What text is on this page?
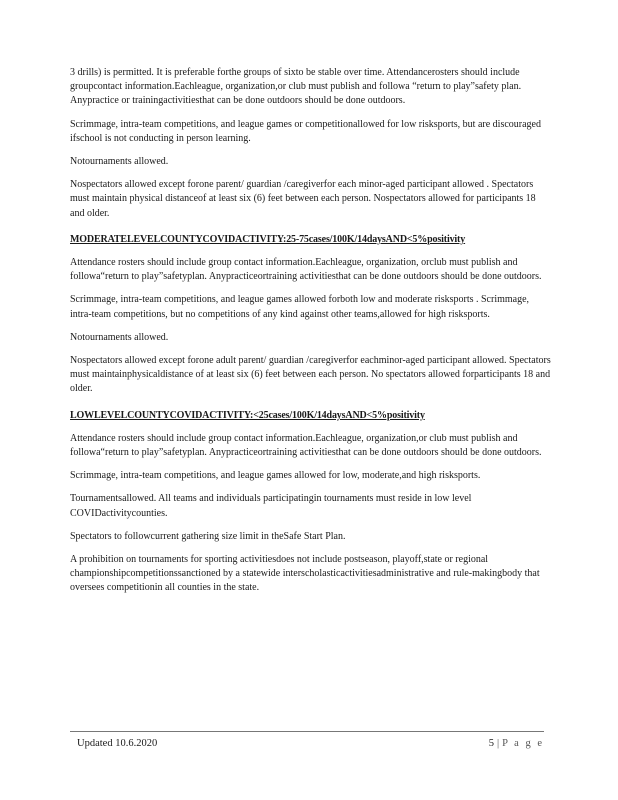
3 drills) is permitted. It is preferable forthe groups of sixto be stable over time. Attendancerosters should include groupcontact information.Eachleague, organization,or club must publish and followa “return to play”safety plan. Anypractice or trainingactivitiesthat can be done outdoors should be done outdoors.

Scrimmage, intra-team competitions, and league games or competitionallowed for low risksports, but are discouraged ifschool is not conducting in person learning.

Notournaments allowed.

Nospectators allowed except forone parent/ guardian /caregiverfor each minor-aged participant allowed . Spectators must maintain physical distanceof at least six (6) feet between each person. Nospectators allowed for participants 18 and older.

MODERATELEVELCOUNTYCOVIDACTIVITY:25-75cases/100K/14daysAND<5%positivity

Attendance rosters should include group contact information.Eachleague, organization, orclub must publish and followa“return to play”safetyplan. Anypracticeortraining activitiesthat can be done outdoors should be done outdoors.

Scrimmage, intra-team competitions, and league games allowed forboth low and moderate risksports . Scrimmage, intra-team competitions, but no competitions of any kind against other teams,allowed for high risksports.

Notournaments allowed.

Nospectators allowed except forone adult parent/ guardian /caregiverfor eachminor-aged participant allowed. Spectators must maintainphysicaldistance of at least six (6) feet between each person. No spectators allowed forparticipants 18 and older.

LOWLEVELCOUNTYCOVIDACTIVITY:<25cases/100K/14daysAND<5%positivity

Attendance rosters should include group contact information.Eachleague, organization,or club must publish and followa“return to play”safetyplan. Anypracticeortraining activitiesthat can be done outdoors should be done outdoors.

Scrimmage, intra-team competitions, and league games allowed for low, moderate,and high risksports.

Tournamentsallowed. All teams and individuals participatingin tournaments must reside in low level COVIDactivitycounties.

Spectators to followcurrent gathering size limit in theSafe Start Plan.

A prohibition on tournaments for sporting activitiesdoes not include postseason, playoff,state or regional championshipcompetitionssanctioned by a statewide interscholasticactivitiesadministrative and rule-makingbody that oversees competitionin all counties in the state.

Updated 10.6.2020	5 | P a g e
